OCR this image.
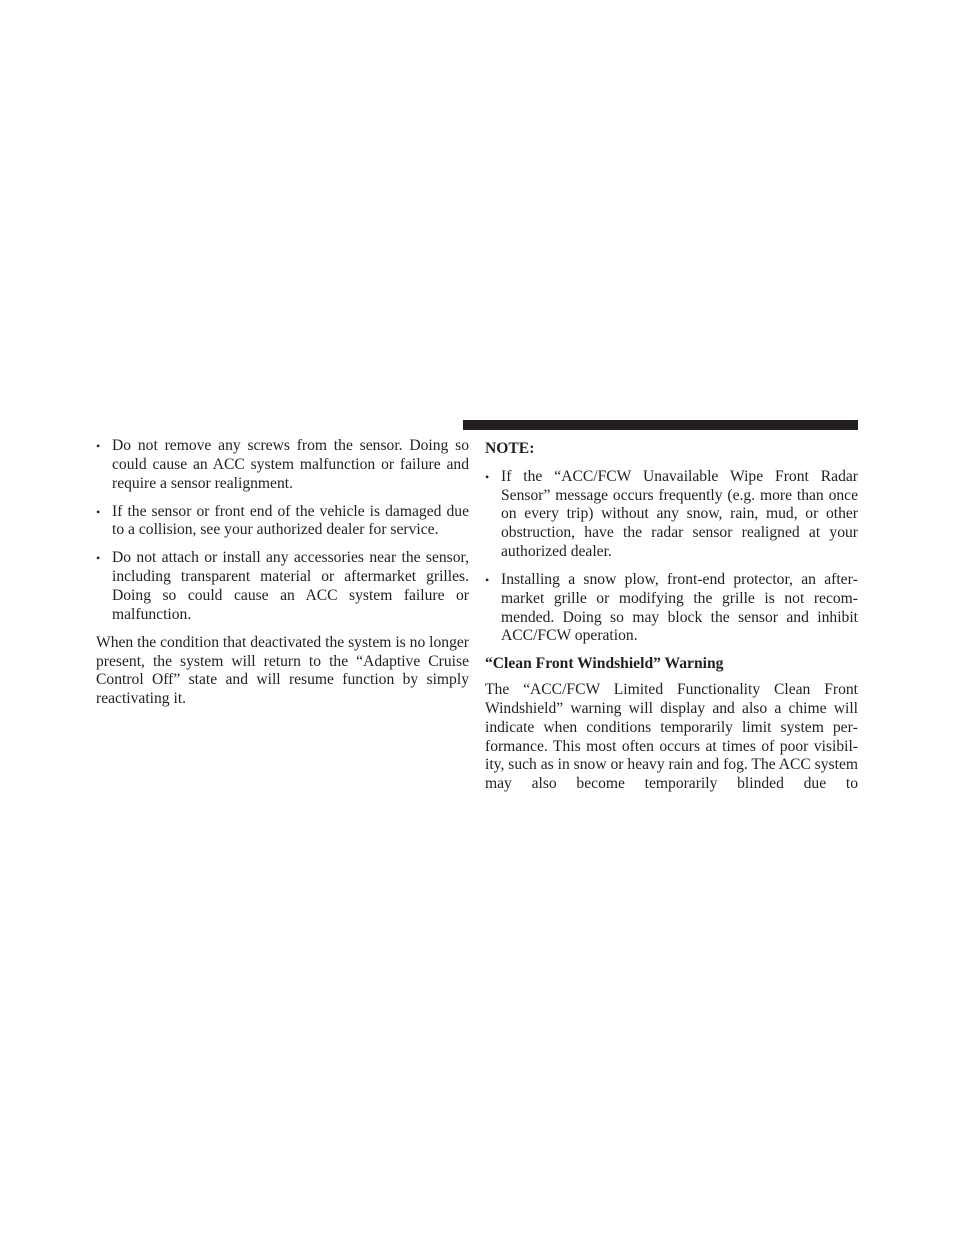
• Do not remove any screws from the sensor. Doing so could cause an ACC system malfunction or failure and require a sensor realignment.
• If the sensor or front end of the vehicle is damaged due to a collision, see your authorized dealer for service.
• Do not attach or install any accessories near the sensor, including transparent material or aftermarket grilles. Doing so could cause an ACC system failure or malfunction.

When the condition that deactivated the system is no longer present, the system will return to the “Adaptive Cruise Control Off” state and will resume function by simply reactivating it.

NOTE:

• If the “ACC/FCW Unavailable Wipe Front Radar Sensor” message occurs frequently (e.g. more than once on every trip) without any snow, rain, mud, or other obstruction, have the radar sensor realigned at your authorized dealer.
• Installing a snow plow, front-end protector, an aftermarket grille or modifying the grille is not recommended. Doing so may block the sensor and inhibit ACC/FCW operation.

“Clean Front Windshield” Warning

The “ACC/FCW Limited Functionality Clean Front Windshield” warning will display and also a chime will indicate when conditions temporarily limit system performance. This most often occurs at times of poor visibility, such as in snow or heavy rain and fog. The ACC system may also become temporarily blinded due to
